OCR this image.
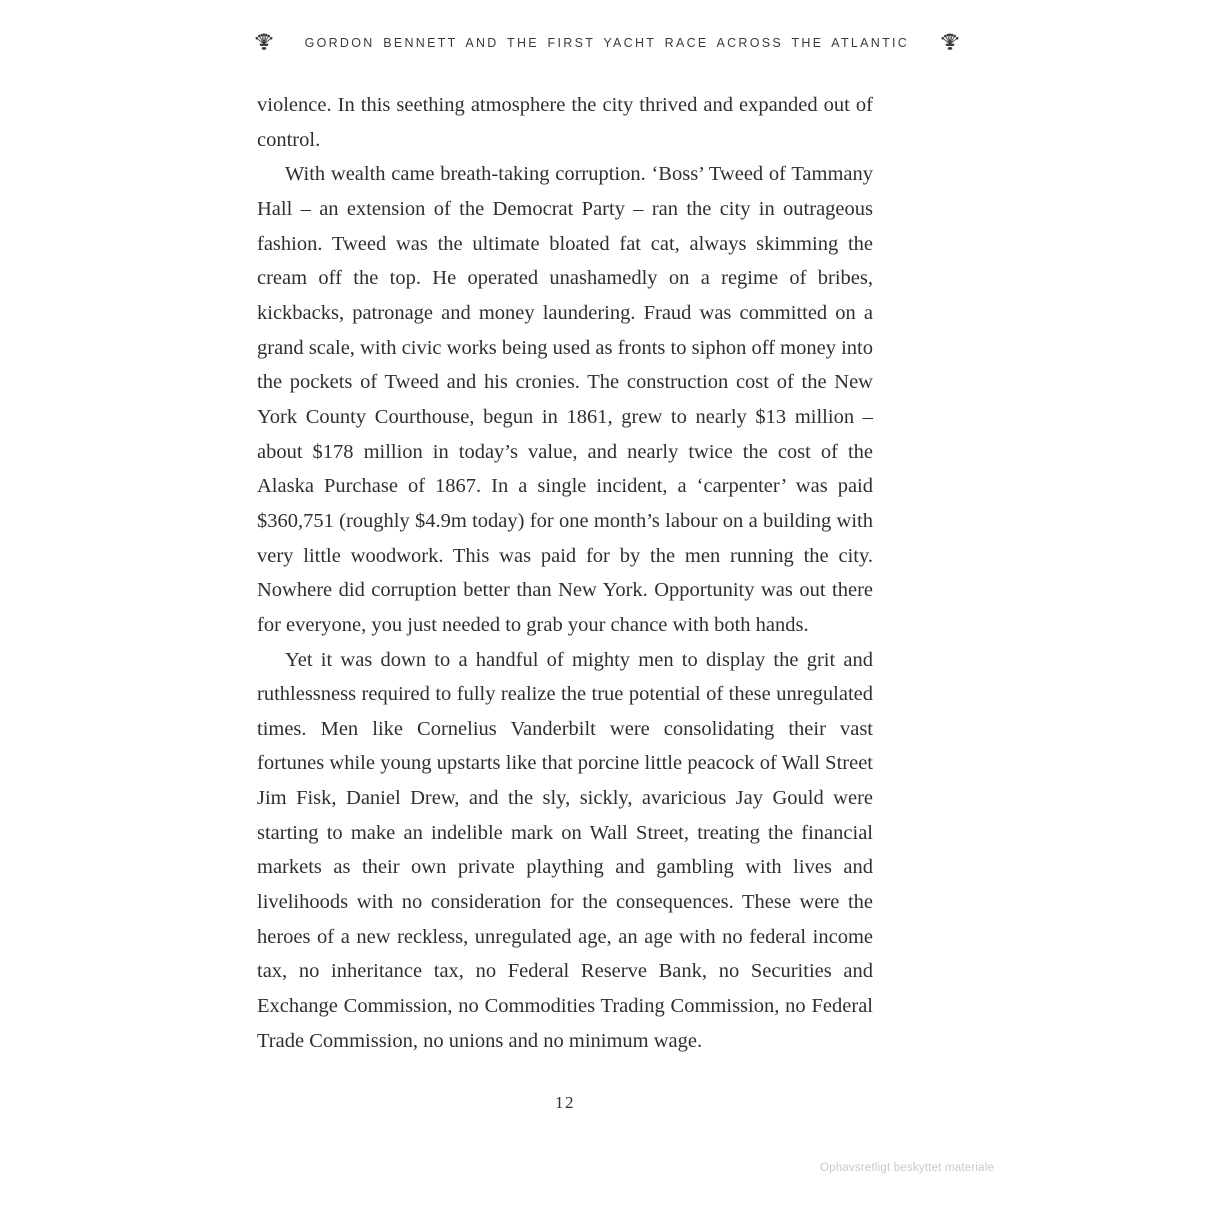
GORDON BENNETT AND THE FIRST YACHT RACE ACROSS THE ATLANTIC

violence. In this seething atmosphere the city thrived and expanded out of control.

With wealth came breath-taking corruption. ‘Boss’ Tweed of Tammany Hall – an extension of the Democrat Party – ran the city in outrageous fashion. Tweed was the ultimate bloated fat cat, always skimming the cream off the top. He operated unashamedly on a regime of bribes, kickbacks, patronage and money laundering. Fraud was committed on a grand scale, with civic works being used as fronts to siphon off money into the pockets of Tweed and his cronies. The construction cost of the New York County Courthouse, begun in 1861, grew to nearly $13 million – about $178 million in today’s value, and nearly twice the cost of the Alaska Purchase of 1867. In a single incident, a ‘carpenter’ was paid $360,751 (roughly $4.9m today) for one month’s labour on a building with very little woodwork. This was paid for by the men running the city. Nowhere did corruption better than New York. Opportunity was out there for everyone, you just needed to grab your chance with both hands.

Yet it was down to a handful of mighty men to display the grit and ruthlessness required to fully realize the true potential of these unregulated times. Men like Cornelius Vanderbilt were consolidating their vast fortunes while young upstarts like that porcine little peacock of Wall Street Jim Fisk, Daniel Drew, and the sly, sickly, avaricious Jay Gould were starting to make an indelible mark on Wall Street, treating the financial markets as their own private plaything and gambling with lives and livelihoods with no consideration for the consequences. These were the heroes of a new reckless, unregulated age, an age with no federal income tax, no inheritance tax, no Federal Reserve Bank, no Securities and Exchange Commission, no Commodities Trading Commission, no Federal Trade Commission, no unions and no minimum wage.

12
Ophavsretligt beskyttet materiale
